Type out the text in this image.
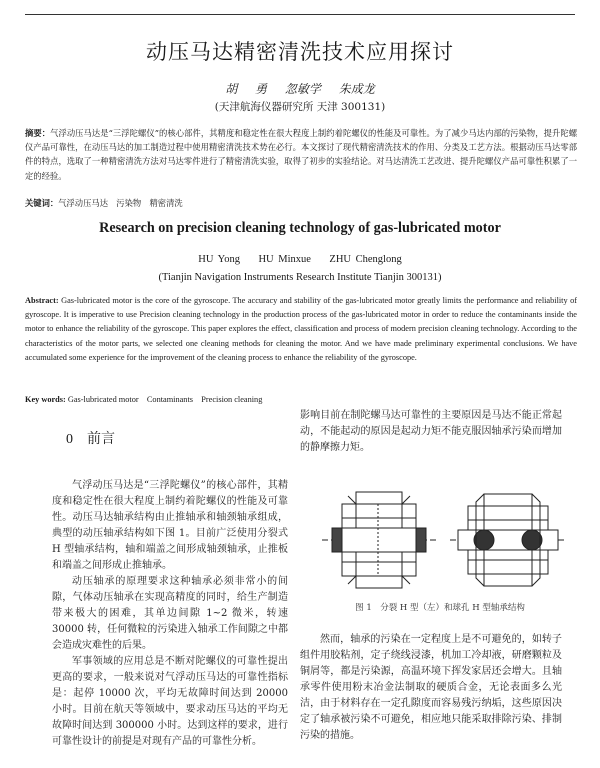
动压马达精密清洗技术应用探讨
胡 勇 忽敏学 朱成龙
(天津航海仪器研究所 天津 300131)
摘要：气浮动压马达是“三浮陀螺仪”的核心部件，其精度和稳定性在很大程度上制约着陀螺仪的性能及可靠性。为了减少马达内部的污染物，提升陀螺仪产品可靠性，在动压马达的加工制造过程中使用精密清洗技术势在必行。本文探讨了现代精密清洗技术的作用、分类及工艺方法。根据动压马达零部件的特点，选取了一种精密清洗方法对马达零件进行了精密清洗实验，取得了初步的实验结论。对马达清洗工艺改进、提升陀螺仪产品可靠性积累了一定的经验。
关键词：气浮动压马达　污染物　精密清洗
Research on precision cleaning technology of gas-lubricated motor
HU Yong HU Minxue ZHU Chenglong
(Tianjin Navigation Instruments Research Institute Tianjin 300131)
Abstract: Gas-lubricated motor is the core of the gyroscope. The accuracy and stability of the gas-lubricated motor greatly limits the performance and reliability of gyroscope. It is imperative to use Precision cleaning technology in the production process of the gas-lubricated motor in order to reduce the contaminants inside the motor to enhance the reliability of the gyroscope. This paper explores the effect, classification and process of modern precision cleaning technology. According to the characteristics of the motor parts, we selected one cleaning methods for cleaning the motor. And we have made preliminary experimental conclusions. We have accumulated some experience for the improvement of the cleaning process to enhance the reliability of the gyroscope.
Key words: Gas-lubricated motor　Contaminants　Precision cleaning
0　前言

气浮动压马达是“三浮陀螺仪”的核心部件，其精度和稳定性在很大程度上制约着陀螺仪的性能及可靠性。动压马达轴承结构由止推轴承和轴颈轴承组成，典型的动压轴承结构如下图 1。目前广泛使用分裂式 H 型轴承结构，轴和端盖之间形成轴颈轴承，止推板和端盖之间形成止推轴承。

动压轴承的原理要求这种轴承必须非常小的间隙，气体动压轴承在实现高精度的同时，给生产制造带来极大的困难，其单边间隙 1~2 微米，转速 30000 转，任何微粒的污染进入轴承工作间隙之中都会造成灾难性的后果。

军事领域的应用总是不断对陀螺仪的可靠性提出更高的要求，一般来说对气浮动压马达的可靠性指标是：起停 10000 次，平均无故障时间达到 20000 小时。目前在航天等领域中，要求动压马达的平均无故障时间达到 300000 小时。达到这样的要求，进行可靠性设计的前提是对现有产品的可靠性分析。

影响目前在制陀螺马达可靠性的主要原因是马达不能正常起动，不能起动的原因是起动力矩不能克服因轴承污染而增加的静摩擦力矩。

图 1　分裂 H 型（左）和球孔 H 型轴承结构

然而，轴承的污染在一定程度上是不可避免的，如转子组件用胶粘剂，定子绕线浸漆，机加工冷却液，研磨颗粒及铜屑等，都是污染源，高温环境下挥发家居还会增大。且轴承零件使用粉末冶金法制取的硬质合金，无论表面多么光洁，由于材料存在一定孔隙度而容易残污纳垢，这些原因决定了轴承被污染不可避免，相应地只能采取排除污染、排制污染的措施。
